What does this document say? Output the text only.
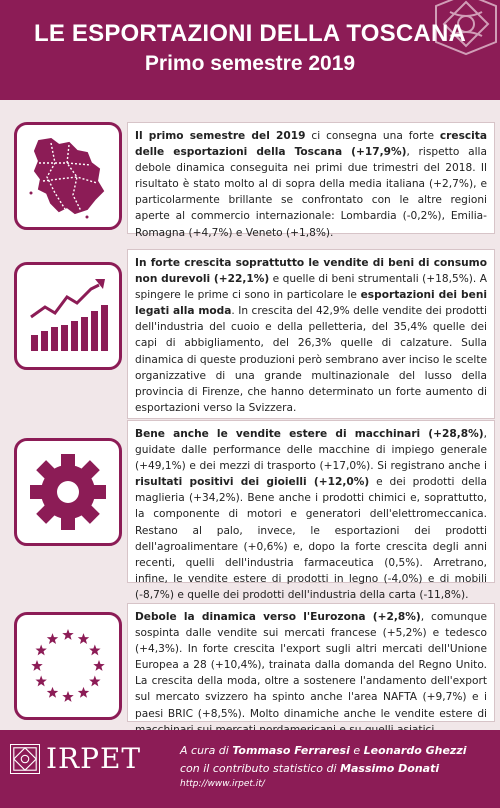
LE ESPORTAZIONI DELLA TOSCANA
Primo semestre 2019
Il primo semestre del 2019 ci consegna una forte crescita delle esportazioni della Toscana (+17,9%), rispetto alla debole dinamica conseguita nei primi due trimestri del 2018. Il risultato è stato molto al di sopra della media italiana (+2,7%), e particolarmente brillante se confrontato con le altre regioni aperte al commercio internazionale: Lombardia (-0,2%), Emilia-Romagna (+4,7%) e Veneto (+1,8%).
In forte crescita soprattutto le vendite di beni di consumo non durevoli (+22,1%) e quelle di beni strumentali (+18,5%). A spingere le prime ci sono in particolare le esportazioni dei beni legati alla moda. In crescita del 42,9% delle vendite dei prodotti dell'industria del cuoio e della pelletteria, del 35,4% quelle dei capi di abbigliamento, del 26,3% quelle di calzature. Sulla dinamica di queste produzioni però sembrano aver inciso le scelte organizzative di una grande multinazionale del lusso della provincia di Firenze, che hanno determinato un forte aumento di esportazioni verso la Svizzera.
Bene anche le vendite estere di macchinari (+28,8%), guidate dalle performance delle macchine di impiego generale (+49,1%) e dei mezzi di trasporto (+17,0%). Si registrano anche i risultati positivi dei gioielli (+12,0%) e dei prodotti della maglieria (+34,2%). Bene anche i prodotti chimici e, soprattutto, la componente di motori e generatori dell'elettromeccanica. Restano al palo, invece, le esportazioni dei prodotti dell'agroalimentare (+0,6%) e, dopo la forte crescita degli anni recenti, quelli dell'industria farmaceutica (0,5%). Arretrano, infine, le vendite estere di prodotti in legno (-4,0%) e di mobili (-8,7%) e quelle dei prodotti dell'industria della carta (-11,8%).
Debole la dinamica verso l'Eurozona (+2,8%), comunque sospinta dalle vendite sui mercati francese (+5,2%) e tedesco (+4,3%). In forte crescita l'export sugli altri mercati dell'Unione Europea a 28 (+10,4%), trainata dalla domanda del Regno Unito. La crescita della moda, oltre a sostenere l'andamento dell'export sul mercato svizzero ha spinto anche l'area NAFTA (+9,7%) e i paesi BRIC (+8,5%). Molto dinamiche anche le vendite estere di
IRPET	A cura di Tommaso Ferraresi e Leonardo Ghezzi
con il contributo statistico di Massimo Donati
http://www.irpet.it/
